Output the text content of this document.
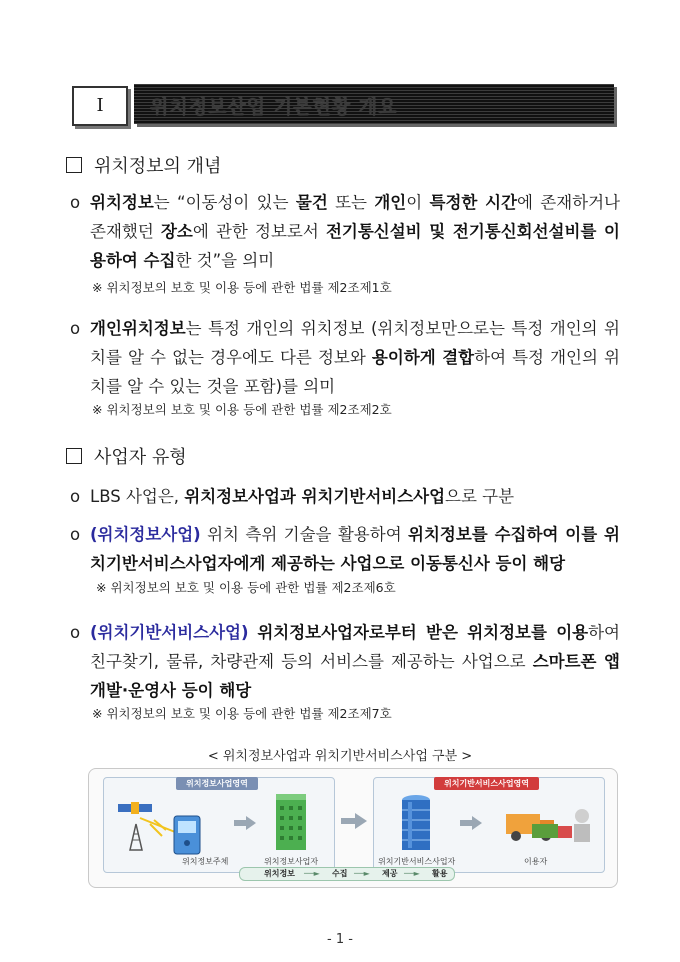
Ⅰ	위치정보산업 기본현황 개요
위치정보의 개념
o 위치정보는 “이동성이 있는 물건 또는 개인이 특정한 시간에 존재하거나 존재했던 장소에 관한 정보로서 전기통신설비 및 전기통신회선설비를 이용하여 수집한 것”을 의미
※ 위치정보의 보호 및 이용 등에 관한 법률 제2조제1호
o 개인위치정보는 특정 개인의 위치정보 (위치정보만으로는 특정 개인의 위치를 알 수 없는 경우에도 다른 정보와 용이하게 결합하여 특정 개인의 위치를 알 수 있는 것을 포함)를 의미
※ 위치정보의 보호 및 이용 등에 관한 법률 제2조제2호
사업자 유형
o LBS 사업은, 위치정보사업과 위치기반서비스사업으로 구분
o (위치정보사업) 위치 측위 기술을 활용하여 위치정보를 수집하여 이를 위치기반서비스사업자에게 제공하는 사업으로 이동통신사 등이 해당
※ 위치정보의 보호 및 이용 등에 관한 법률 제2조제6호
o (위치기반서비스사업) 위치정보사업자로부터 받은 위치정보를 이용하여 친구찾기, 물류, 차량관제 등의 서비스를 제공하는 사업으로 스마트폰 앱 개발·운영사 등이 해당
※ 위치정보의 보호 및 이용 등에 관한 법률 제2조제7호
< 위치정보사업과 위치기반서비스사업 구분 >
위치정보사업영역
위치정보주체	위치정보사업자
위치기반서비스사업영역
위치기반서비스사업자	이용자
위치정보 ──► 수집 ──► 제공 ──► 활용
- 1 -
